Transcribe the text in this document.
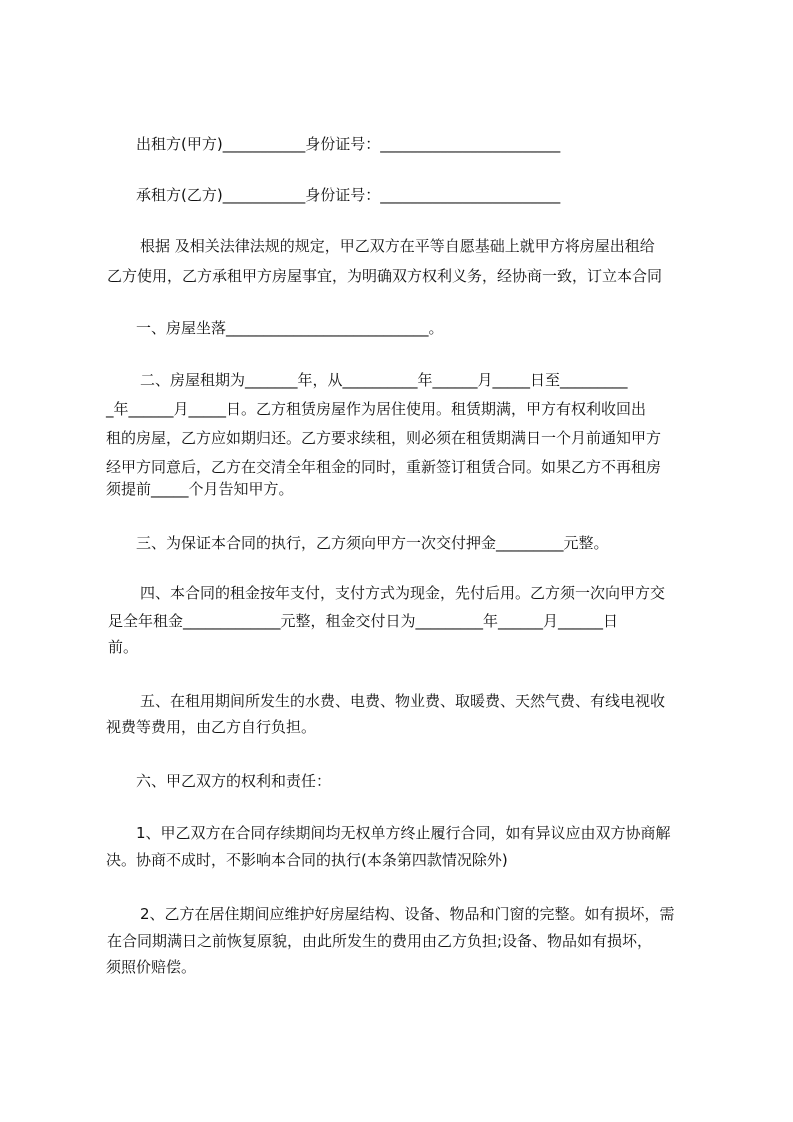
出租方(甲方)___________身份证号：________________________
承租方(乙方)___________身份证号：________________________
根据 及相关法律法规的规定，甲乙双方在平等自愿基础上就甲方将房屋出租给
乙方使用，乙方承租甲方房屋事宜，为明确双方权利义务，经协商一致，订立本合同
一、房屋坐落___________________________。
二、房屋租期为_______年，从__________年______月_____日至_________
_年______月_____日。乙方租赁房屋作为居住使用。租赁期满，甲方有权利收回出
租的房屋，乙方应如期归还。乙方要求续租，则必须在租赁期满日一个月前通知甲方
经甲方同意后，乙方在交清全年租金的同时，重新签订租赁合同。如果乙方不再租房
须提前_____个月告知甲方。
三、为保证本合同的执行，乙方须向甲方一次交付押金_________元整。
四、本合同的租金按年支付，支付方式为现金，先付后用。乙方须一次向甲方交
足全年租金_____________元整，租金交付日为_________年______月______日
前。
五、在租用期间所发生的水费、电费、物业费、取暖费、天然气费、有线电视收
视费等费用，由乙方自行负担。
六、甲乙双方的权利和责任：
1、甲乙双方在合同存续期间均无权单方终止履行合同，如有异议应由双方协商解
决。协商不成时，不影响本合同的执行(本条第四款情况除外)
2、乙方在居住期间应维护好房屋结构、设备、物品和门窗的完整。如有损坏，需
在合同期满日之前恢复原貌，由此所发生的费用由乙方负担;设备、物品如有损坏，
须照价赔偿。
